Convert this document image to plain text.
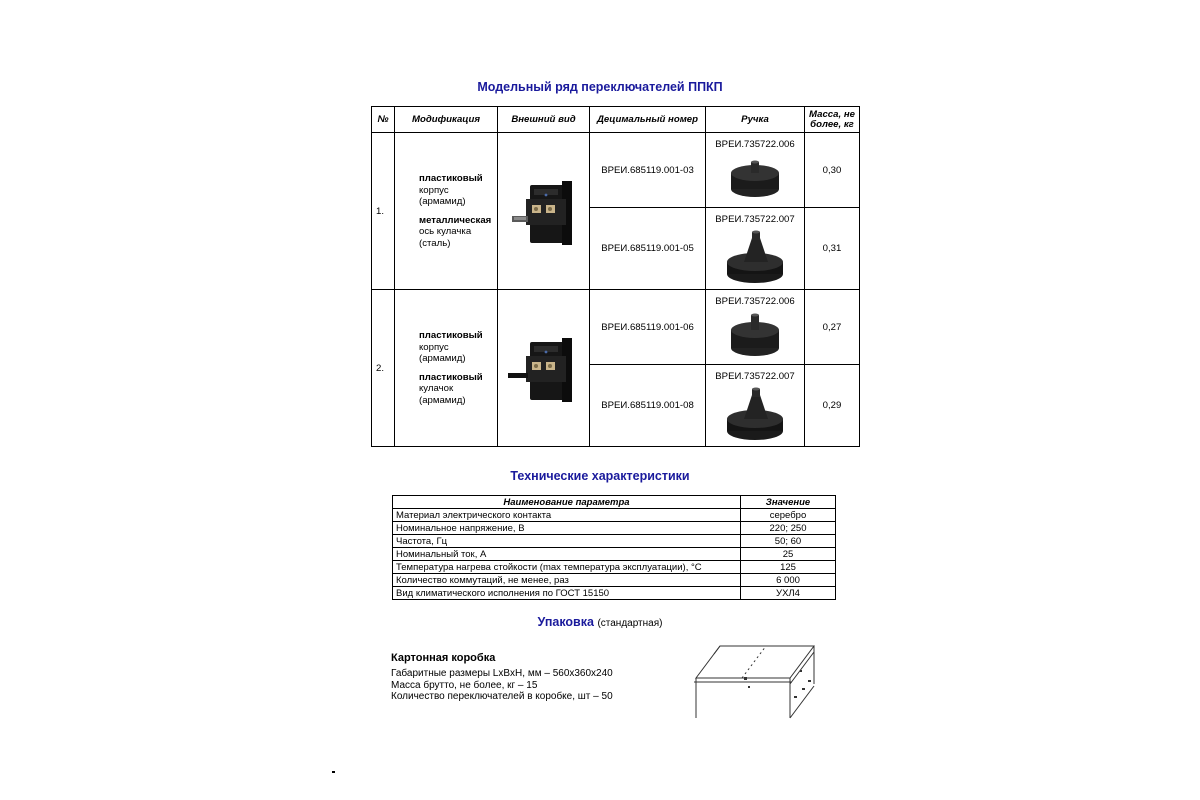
Модельный ряд переключателей ППКП
№	Модификация	Внешний вид	Децимальный номер	Ручка	Масса, не более, кг
1.	пластиковый
корпус (армамид)
металлическая
ось кулачка (сталь)		ВРЕИ.685119.001-03	ВРЕИ.735722.006	0,30
			ВРЕИ.685119.001-05	ВРЕИ.735722.007	0,31
2.	пластиковый
корпус (армамид)
пластиковый
кулачок (армамид)		ВРЕИ.685119.001-06	ВРЕИ.735722.006	0,27
			ВРЕИ.685119.001-08	ВРЕИ.735722.007	0,29
Технические характеристики
Наименование параметра	Значение
Материал электрического контакта	серебро
Номинальное напряжение, В	220; 250
Частота, Гц	50; 60
Номинальный ток, А	25
Температура нагрева стойкости (max температура эксплуатации), °С	125
Количество коммутаций, не менее, раз	6 000
Вид климатического исполнения по ГОСТ 15150	УХЛ4
Упаковка (стандартная)
Картонная коробка
Габаритные размеры LxBxH, мм – 560x360x240
Масса брутто, не более, кг – 15
Количество переключателей в коробке, шт – 50
